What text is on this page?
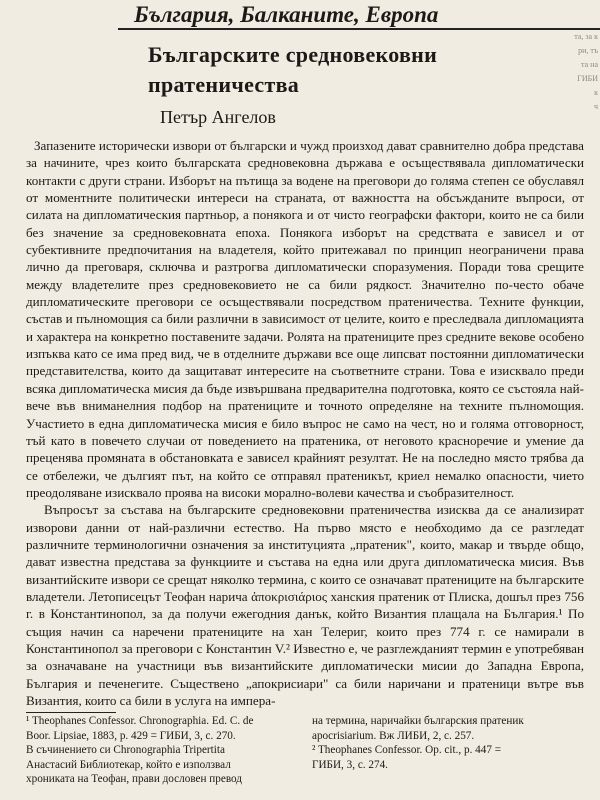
България, Балканите, Европа
та, за к
ри, тъ
та на
ГИБИ
к
ч
Българските средновековни пратеничества
Петър Ангелов

Запазените исторически извори от български и чужд произход дават сравнително добра представа за начините, чрез които българската средновековна държава е осъществявала дипломатически контакти с други страни. Изборът на пътища за водене на преговори до голяма степен се обуславял от моментните политически интереси на страната, от важността на обсъжданите въпроси, от силата на дипломатическия партньор, а понякога и от чисто географски фактори, които не са били без значение за средновековната епоха. Понякога изборът на средствата е зависел и от субективните предпочитания на владетеля, който притежавал по принцип неограничени права лично да преговаря, сключва и разтрогва дипломатически споразумения. Поради това срещите между владетелите през средновековието не са били рядкост. Значително по-често обаче дипломатическите преговори се осъществявали посредством пратеничества. Техните функции, състав и пълномощия са били различни в зависимост от целите, които е преследвала дипломацията и характера на конкретно поставените задачи. Ролята на пратениците през средните векове особено изпъква като се има пред вид, че в отделните държави все още липсват постоянни дипломатически представителства, които да защитават интересите на съответните страни. Това е изисквало преди всяка дипломатическа мисия да бъде извършвана предварителна подготовка, която се състояла най-вече във вниманелния подбор на пратениците и точното определяне на техните пълномощия. Участието в една дипломатическа мисия е било въпрос не само на чест, но и голяма отговорност, тъй като в повечето случаи от поведението на пратеника, от неговото красноречие и умение да преценява промяната в обстановката е зависел крайният резултат. Не на последно място трябва да се отбележи, че дългият път, на който се отправял пратеникът, криел немалко опасности, чието преодоляване изисквало проява на високи морално-волеви качества и съобразителност.

Въпросът за състава на българските средновековни пратеничества изисква да се анализират изворови данни от най-различни естество. На първо място е необходимо да се разгледат различните терминологични означения за институцията „пратеник", които, макар и твърде общо, дават известна представа за функциите и състава на една или друга дипломатическа мисия. Във византийските извори се срещат няколко термина, с които се означават пратениците на българските владетели. Летописецът Теофан нарича ἀποκρισιάριος ханския пратеник от Плиска, дошъл през 756 г. в Константинопол, за да получи ежегодния данък, който Византия плащала на България.¹ По същия начин са наречени пратениците на хан Телериг, които през 774 г. се намирали в Константинопол за преговори с Константин V.² Известно е, че разглежданият термин е употребяван за означаване на участници във византийските дипломатически мисии до Западна Европа, България и печенегите. Съществено „апокрисиари" са били наричани и пратеници вътре във Византия, които са били в услуга на импера-

¹ Theophanes Confessor. Chronographia. Ed. C. de
Boor. Lipsiae, 1883, p. 429 = ГИБИ, 3, с. 270.
В съчинението си Chronographia Tripertita
Анастасий Библиотекар, който е използвал
хрониката на Теофан, прави дословен превод
на термина, наричайки българския пратеник
apocrisiarium. Вж ЛИБИ, 2, с. 257.
² Theophanes Confessor. Op. cit., p. 447 =
ГИБИ, 3, с. 274.
